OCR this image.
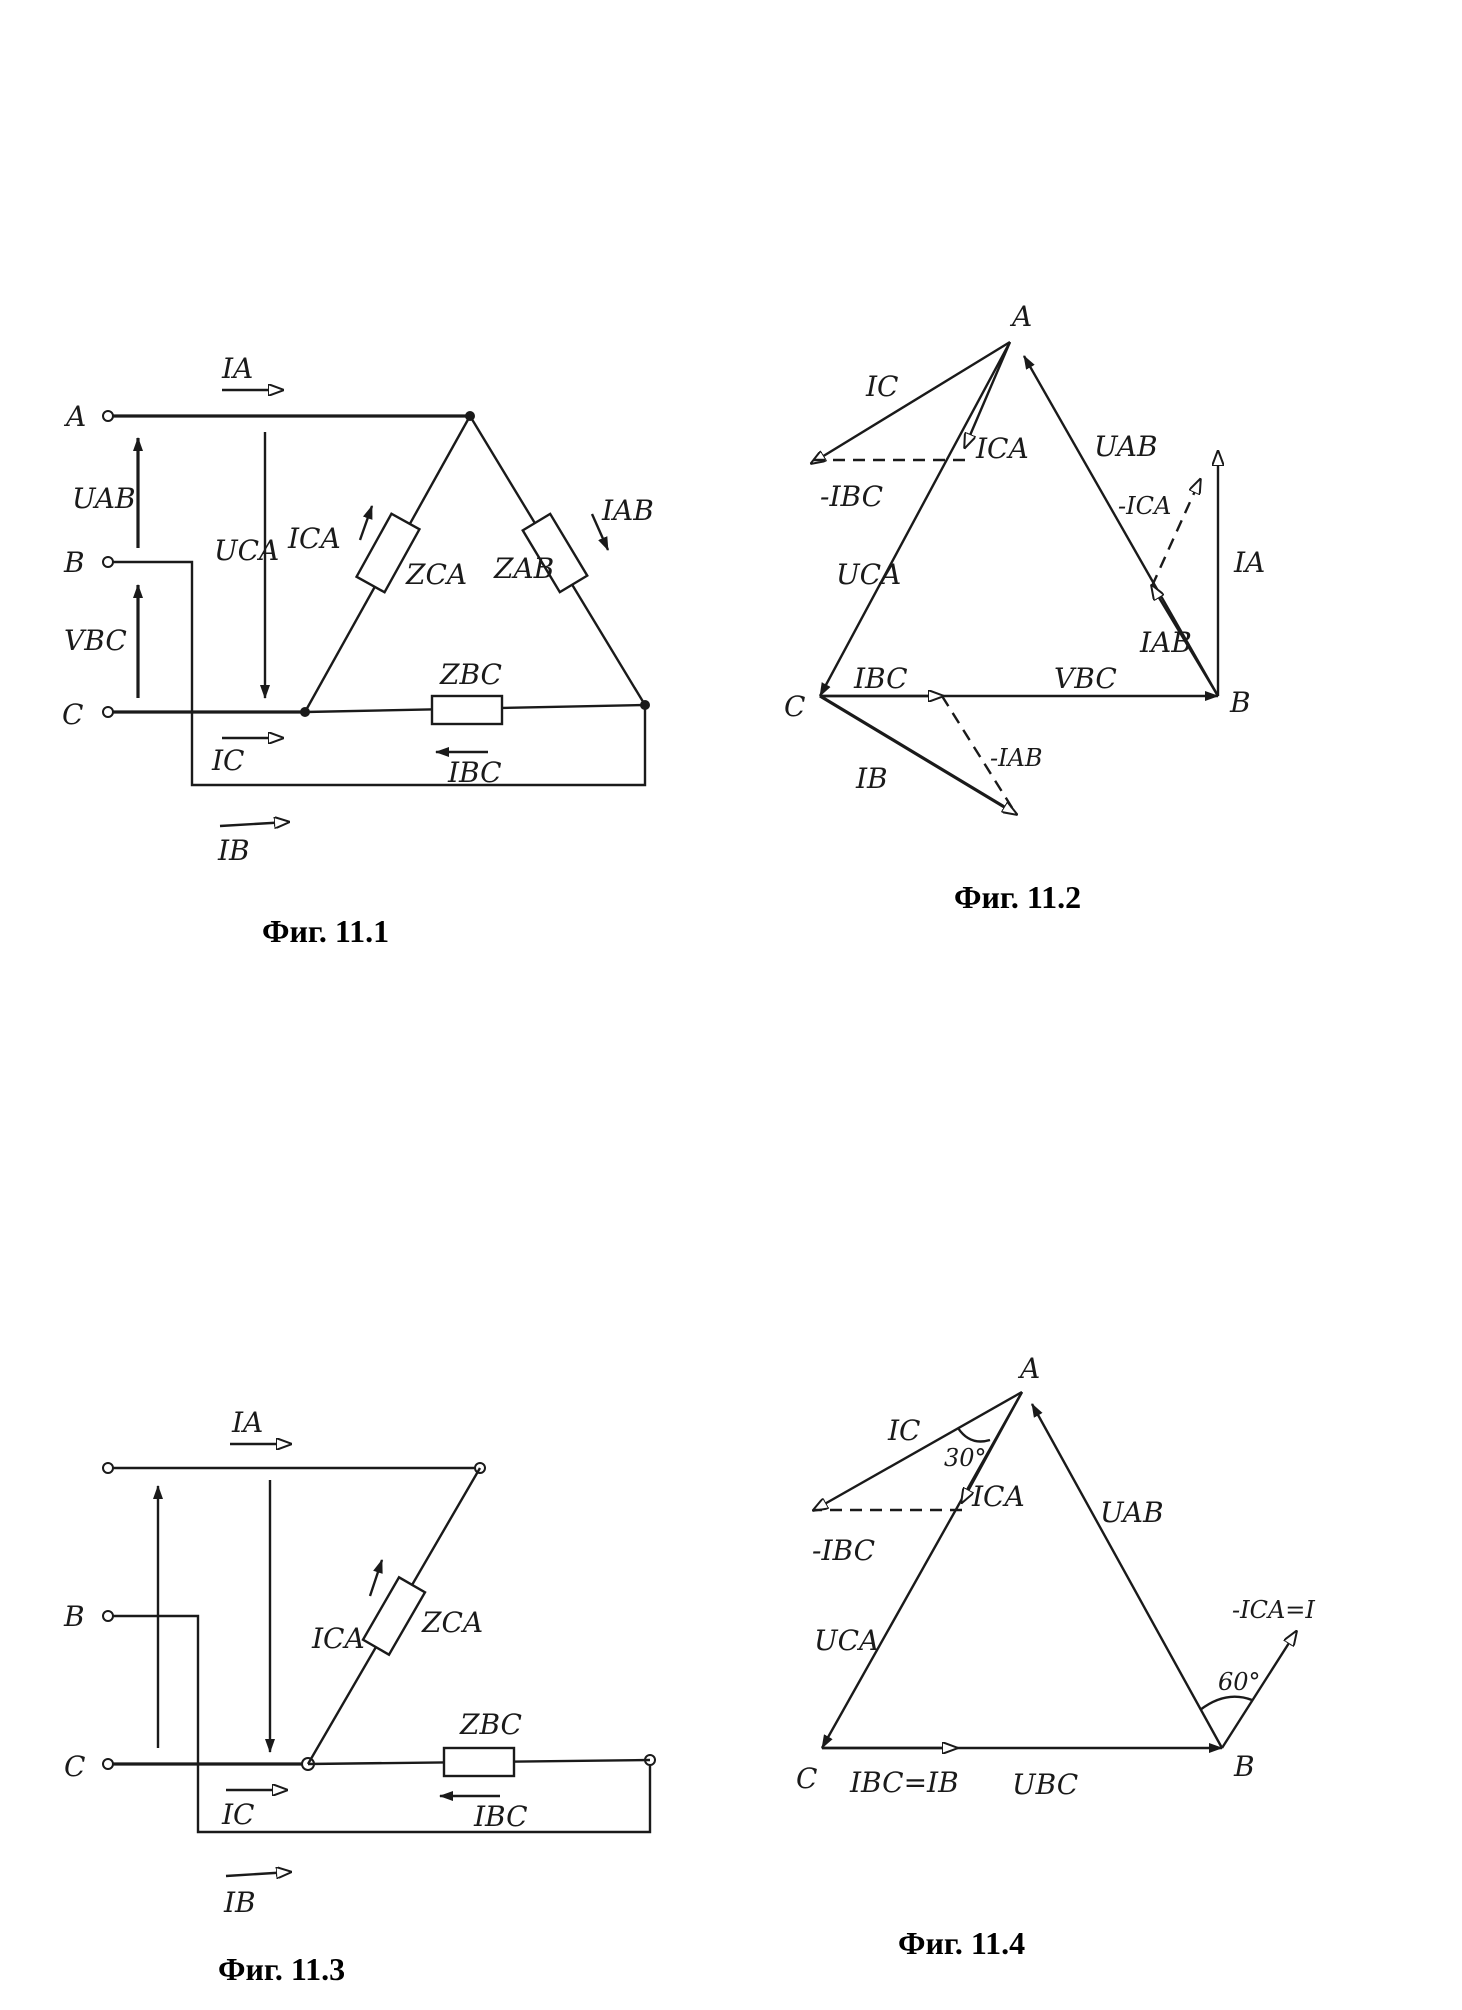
A
B
C
UAB
VBC
UCA
IA
IC
IB
ICA
IAB
IBC
ZCA ZAB
ZBC
Фиг. 11.1
A
B
C
IC
ICA
-IBC
UAB
-ICA
IA
UCA
IAB
IBC	VBC
-IAB
IB
Фиг. 11.2
B
C
IA
IC
IB
ICA
IBC
ZCA
ZBC
Фиг. 11.3
A
B
C
IC
30°
ICA	UAB
-IBC
-ICA=I
UCA
60°
IBC=IB UBC
Фиг. 11.4
